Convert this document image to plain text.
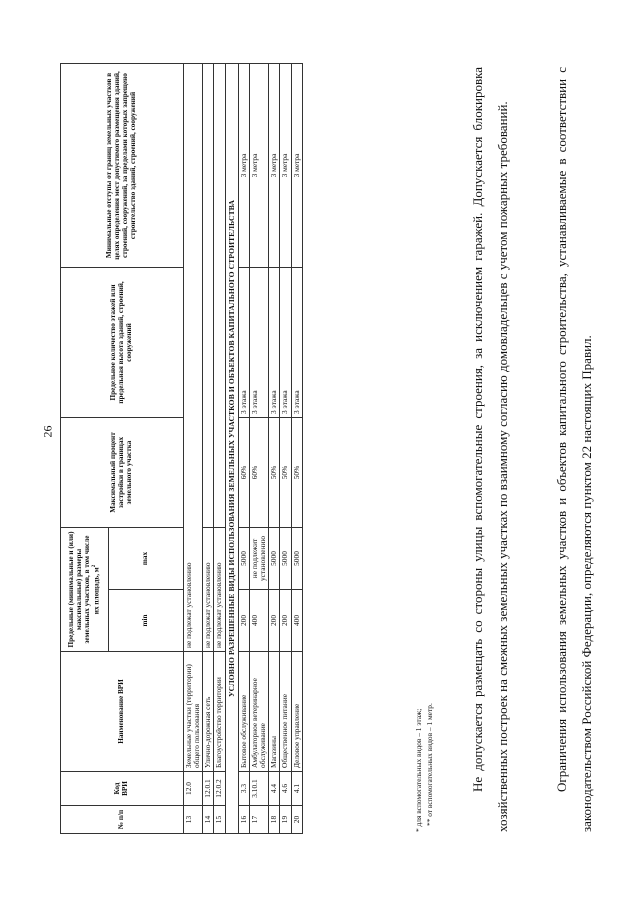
26
№ п/п	Код ВРИ	Наименование ВРИ	Предельные (минимальные и (или) максимальные) размеры земельных участков, в том числе их площадь, $м^2$		Максимальный процент застройки в границах земельного участка	Предельное количество этажей или предельная высота зданий, строений, сооружений	Минимальные отступы от границ земельных участков в целях определения мест допустимого размещения зданий, строений, сооружений, за пределами которых запрещено строительство зданий, строений, сооружений
			min	max			
13	12.0	Земельные участки (территории) общего пользования	не подлежат установлению				
14	12.0.1	Улично-дорожная сеть	не подлежат установлению				
15	12.0.2	Благоустройство территории	не подлежат установлению				
УСЛОВНО РАЗРЕШЕННЫЕ ВИДЫ ИСПОЛЬЗОВАНИЯ ЗЕМЕЛЬНЫХ УЧАСТКОВ И ОБЪЕКТОВ КАПИТАЛЬНОГО СТРОИТЕЛЬСТВА							
16	3.3	Бытовое обслуживание	200	5000	60%	3 этажа	3 метра
17	3.10.1	Амбулаторное ветеринарное обслуживание	400	не подлежит установлению	60%	3 этажа	3 метра
18	4.4	Магазины	200	5000	50%	3 этажа	3 метра
19	4.6	Общественное питание	200	5000	50%	3 этажа	3 метра
20	4.1	Деловое управление	400	5000	50%	3 этажа	3 метра
* для вспомогательных видов – 1 этаж; ** от вспомогательных видов – 1 метр.	Не допускается размещать со стороны улицы вспомогательные строения, за исключением гаражей. Допускается блокировка хозяйственных построек на смежных земельных участках по взаимному согласию домовладельцев с учетом пожарных требований.	Ограничения использования земельных участков и объектов капитального строительства, устанавливаемые в соответствии с законодательством Российской Федерации, определяются пунктом 22 настоящих Правил.
